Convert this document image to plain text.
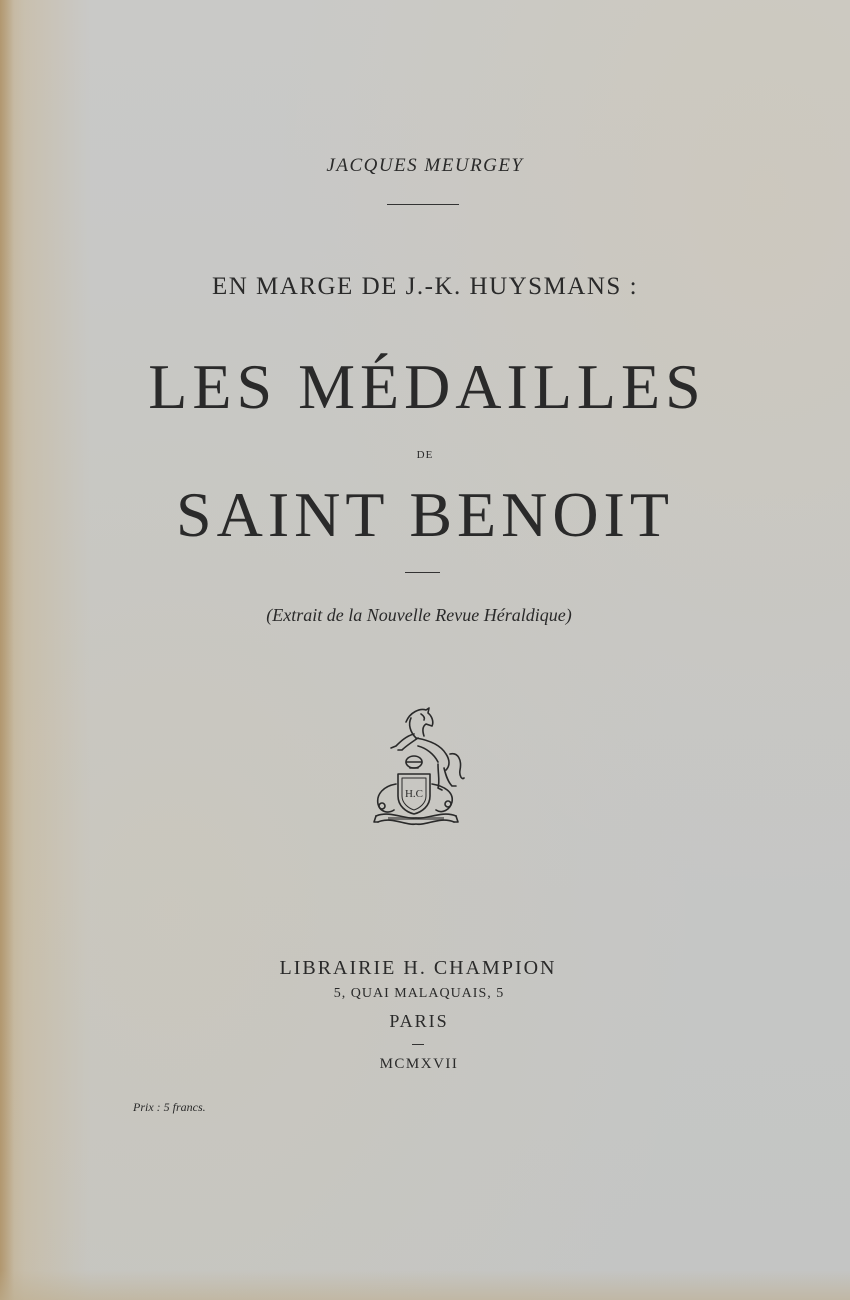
JACQUES MEURGEY
EN MARGE DE J.-K. HUYSMANS :
LES MÉDAILLES
DE
SAINT BENOIT
(Extrait de la Nouvelle Revue Héraldique)
H.C
LIBRAIRIE H. CHAMPION
5, QUAI MALAQUAIS, 5
PARIS
MCMXVII
Prix : 5 francs.
